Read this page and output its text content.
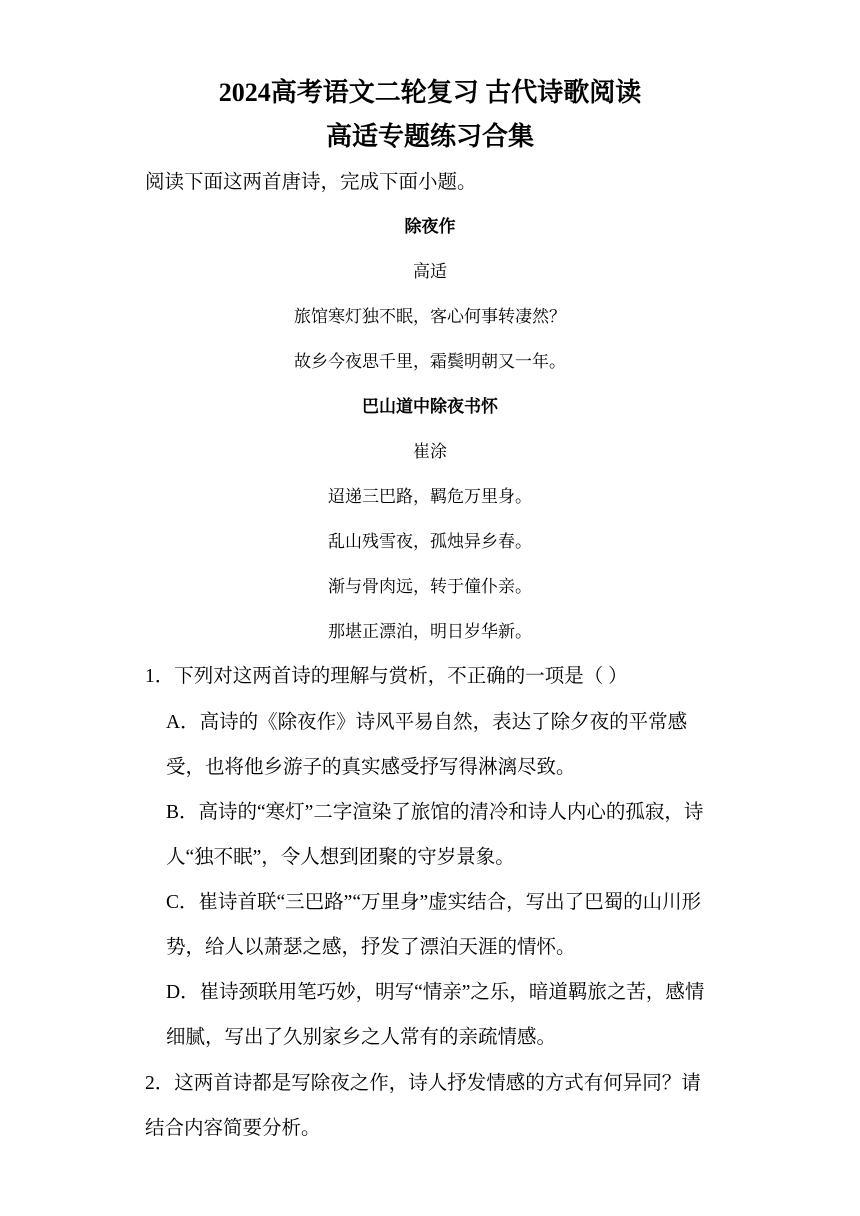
2024高考语文二轮复习 古代诗歌阅读
高适专题练习合集
阅读下面这两首唐诗，完成下面小题。
除夜作
高适
旅馆寒灯独不眠，客心何事转凄然？
故乡今夜思千里，霜鬓明朝又一年。
巴山道中除夜书怀
崔涂
迢递三巴路，羁危万里身。
乱山残雪夜，孤烛异乡春。
渐与骨肉远，转于僮仆亲。
那堪正漂泊，明日岁华新。
1．下列对这两首诗的理解与赏析，不正确的一项是（ ）
A．高诗的《除夜作》诗风平易自然，表达了除夕夜的平常感
受，也将他乡游子的真实感受抒写得淋漓尽致。
B．高诗的“寒灯”二字渲染了旅馆的清冷和诗人内心的孤寂，诗
人“独不眠”，令人想到团聚的守岁景象。
C．崔诗首联“三巴路”“万里身”虚实结合，写出了巴蜀的山川形
势，给人以萧瑟之感，抒发了漂泊天涯的情怀。
D．崔诗颈联用笔巧妙，明写“情亲”之乐，暗道羁旅之苦，感情
细腻，写出了久别家乡之人常有的亲疏情感。
2．这两首诗都是写除夜之作，诗人抒发情感的方式有何异同？请
结合内容简要分析。
